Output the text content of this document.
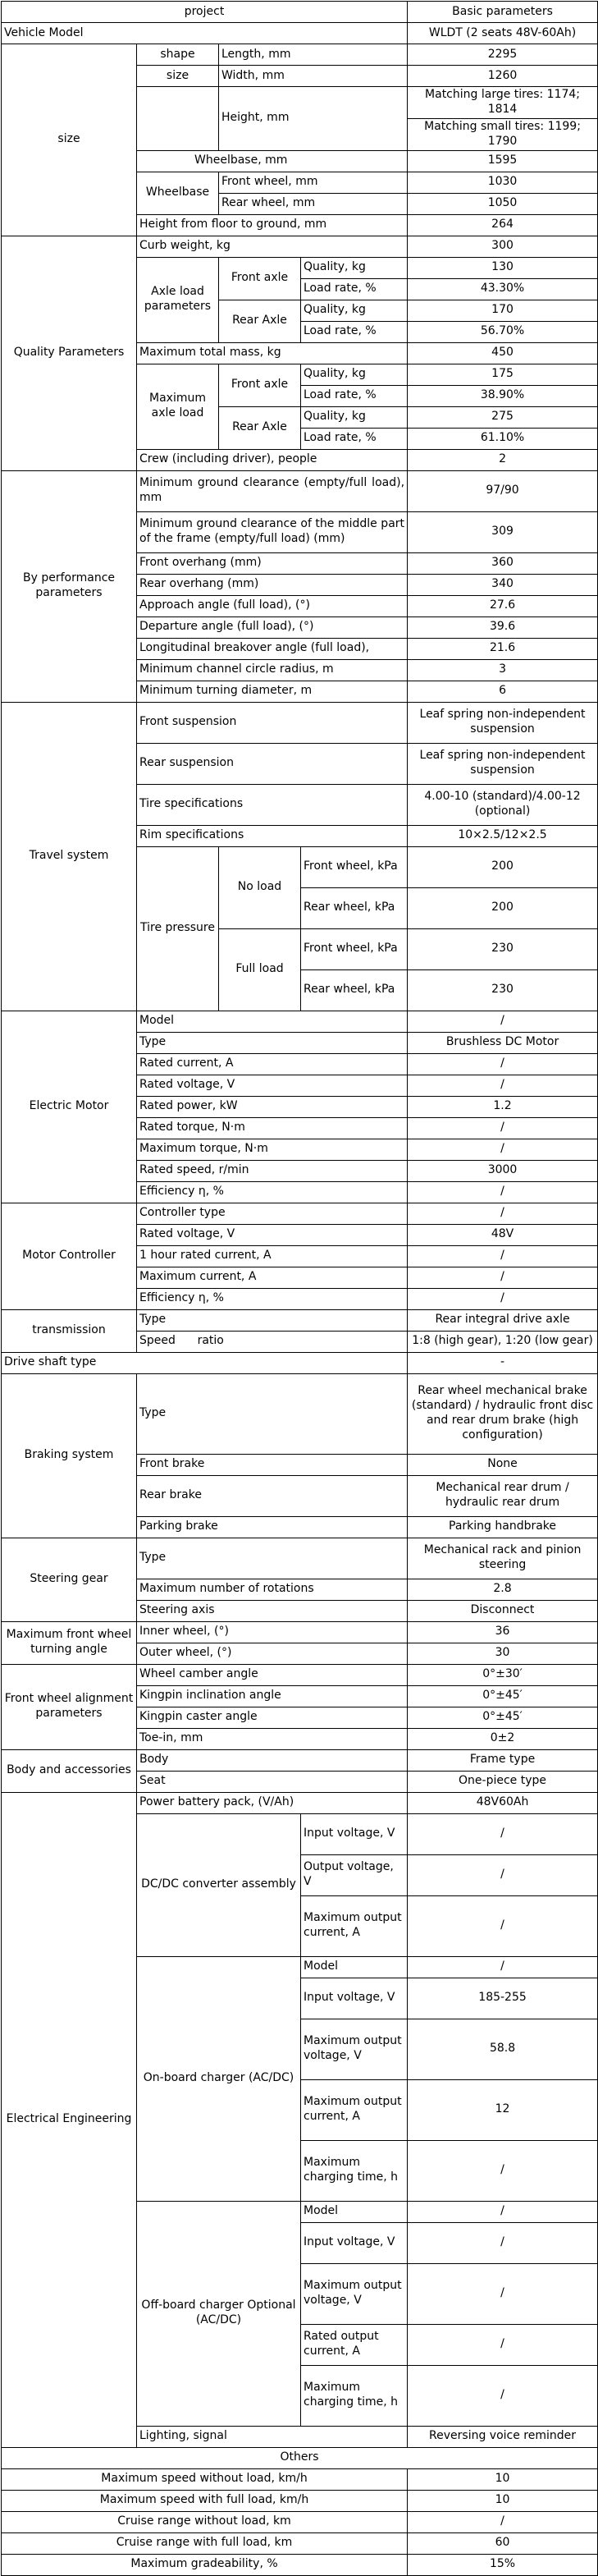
project				Basic parameters
Vehicle Model				WLDT (2 seats 48V-60Ah)
size	shape	Length, mm		2295
	size	Width, mm		1260
		Height, mm		Matching large tires: 1174; 1814
				Matching small tires: 1199; 1790
	Wheelbase, mm			1595
	Wheelbase	Front wheel, mm		1030
		Rear wheel, mm		1050
	Height from floor to ground, mm			264
Quality Parameters	Curb weight, kg			300
	Axle load parameters	Front axle	Quality, kg	130
			Load rate, %	43.30%
		Rear Axle	Quality, kg	170
			Load rate, %	56.70%
	Maximum total mass, kg			450
	Maximum axle load	Front axle	Quality, kg	175
			Load rate, %	38.90%
		Rear Axle	Quality, kg	275
			Load rate, %	61.10%
	Crew (including driver), people			2
By performance parameters	Minimum ground clearance (empty/full load), mm			97/90
	Minimum ground clearance of the middle part of the frame (empty/full load) (mm)			309
	Front overhang (mm)			360
	Rear overhang (mm)			340
	Approach angle (full load), (°)			27.6
	Departure angle (full load), (°)			39.6
	Longitudinal breakover angle (full load),			21.6
	Minimum channel circle radius, m			3
	Minimum turning diameter, m			6
Travel system	Front suspension			Leaf spring non-independent suspension
	Rear suspension			Leaf spring non-independent suspension
	Tire specifications			4.00-10 (standard)/4.00-12 (optional)
	Rim specifications			10×2.5/12×2.5
	Tire pressure	No load	Front wheel, kPa	200
			Rear wheel, kPa	200
		Full load	Front wheel, kPa	230
			Rear wheel, kPa	230
Electric Motor	Model			/
	Type			Brushless DC Motor
	Rated current, A			/
	Rated voltage, V			/
	Rated power, kW			1.2
	Rated torque, N·m			/
	Maximum torque, N·m			/
	Rated speed, r/min			3000
	Efficiency η, %			/
Motor Controller	Controller type			/
	Rated voltage, V			48V
	1 hour rated current, A			/
	Maximum current, A			/
	Efficiency η, %			/
transmission	Type			Rear integral drive axle
	Speed      ratio			1:8 (high gear), 1:20 (low gear)
Drive shaft type				-
Braking system	Type			Rear wheel mechanical brake (standard) / hydraulic front disc and rear drum brake (high configuration)
	Front brake			None
	Rear brake			Mechanical rear drum / hydraulic rear drum
	Parking brake			Parking handbrake
Steering gear	Type			Mechanical rack and pinion steering
	Maximum number of rotations			2.8
	Steering axis			Disconnect
Maximum front wheel turning angle	Inner wheel, (°)			36
	Outer wheel, (°)			30
Front wheel alignment parameters	Wheel camber angle			0°±30′
	Kingpin inclination angle			0°±45′
	Kingpin caster angle			0°±45′
	Toe-in, mm			0±2
Body and accessories	Body			Frame type
	Seat			One-piece type
Electrical Engineering	Power battery pack, (V/Ah)			48V60Ah
	DC/DC converter assembly		Input voltage, V	/
			Output voltage, V	/
			Maximum output current, A	/
	On-board charger (AC/DC)		Model	/
			Input voltage, V	185-255
			Maximum output voltage, V	58.8
			Maximum output current, A	12
			Maximum charging time, h	/
	Off-board charger Optional (AC/DC)		Model	/
			Input voltage, V	/
			Maximum output voltage, V	/
			Rated output current, A	/
			Maximum charging time, h	/
	Lighting, signal			Reversing voice reminder
Others				
Maximum speed without load, km/h				10
Maximum speed with full load, km/h				10
Cruise range without load, km				/
Cruise range with full load, km				60
Maximum gradeability, %				15%
